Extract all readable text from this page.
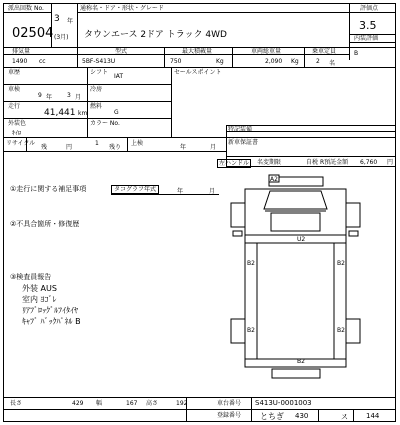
派出回数 No.
02504
3 年
(3月)
通称名・ドア・形状・グレード
タウンエース 2ドア トラック 4WD
評価点
3.5
内装評価
B
排気量
1490 cc
型式
5BF-S413U
最大積載量
750	Kg
車両総重量
2,090 Kg
乗車定員
2 名
車歴	シフト
IAT
車検
9 年 3 月
冷房
走行
41,441 km
燃料
G
外装色
ｷｲﾛ
カラー No.
セールスポイント
リサイクル
残	円
1
残り
上検
年	月
特記装備
新車保証書
左ハンドル	名変期限	自税 R預託金額 6,760 円
①走行に関する補足事項	タコグラフ年式	年	月
②不具合箇所・修復歴
③検査員報告
外装 AUS
室内 ﾖｺﾞﾚ
ﾘｱﾌﾞﾛｯｸﾞﾙﾌｲﾀｲﾔ
ｷｬﾌﾞ ﾊﾞｯｸﾊﾟﾈﾙ B
A2
U2
B2	B2
B2	B2
B2
長さ	429 幅	167 高さ	192	車台番号 S413U-0001003
登録番号 とちぎ 430	ス	144
